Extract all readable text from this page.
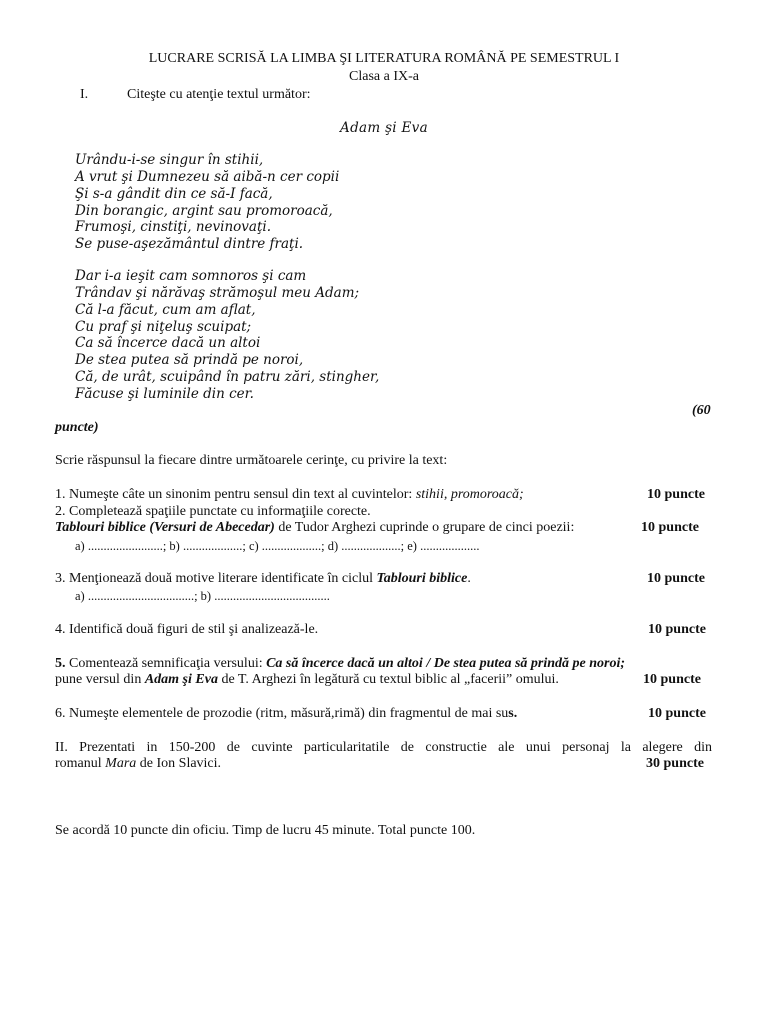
LUCRARE SCRISĂ LA LIMBA ŞI LITERATURA ROMÂNĂ PE SEMESTRUL I
Clasa a IX-a
I.	Citeşte cu atenţie textul următor:
Adam şi Eva
Urându-i-se singur în stihii,
A vrut şi Dumnezeu să aibă-n cer copii
Şi s-a gândit din ce să-I facă,
Din borangic, argint sau promoroacă,
Frumoşi, cinstiţi, nevinovaţi.
Se puse-aşezământul dintre fraţi.
Dar i-a ieşit cam somnoros şi cam
Trândav şi nărăvaş strămoşul meu Adam;
Că l-a făcut, cum am aflat,
Cu praf şi niţeluş scuipat;
Ca să încerce dacă un altoi
De stea putea să prindă pe noroi,
Că, de urât, scuipând în patru zări, stingher,
Făcuse şi luminile din cer.
(60
puncte)
Scrie răspunsul la fiecare dintre următoarele cerinţe, cu privire la text:
1. Numeşte câte un sinonim pentru sensul din text al cuvintelor: stihii, promoroacă;	10 puncte
2. Completează spaţiile punctate cu informaţiile corecte.
Tablouri biblice (Versuri de Abecedar) de Tudor Arghezi cuprinde o grupare de cinci poezii:	10 puncte
a) ........................; b) ...................; c) ...................; d) ...................; e) ...................
3. Menţionează două motive literare identificate în ciclul Tablouri biblice.	10 puncte
a) ..................................; b) .....................................
4. Identifică două figuri de stil şi analizează-le.	10 puncte
5. Comentează semnificaţia versului: Ca să încerce dacă un altoi / De stea putea să prindă pe noroi;
pune versul din Adam şi Eva de T. Arghezi în legătură cu textul biblic al „facerii” omului.	10 puncte
6. Numeşte elementele de prozodie (ritm, măsură,rimă) din fragmentul de mai sus.	10 puncte
II. Prezentati in 150-200 de cuvinte particularitatile de constructie ale unui personaj la alegere din
romanul Mara de Ion Slavici.	30 puncte
Se acordă 10 puncte din oficiu. Timp de lucru 45 minute. Total puncte 100.
